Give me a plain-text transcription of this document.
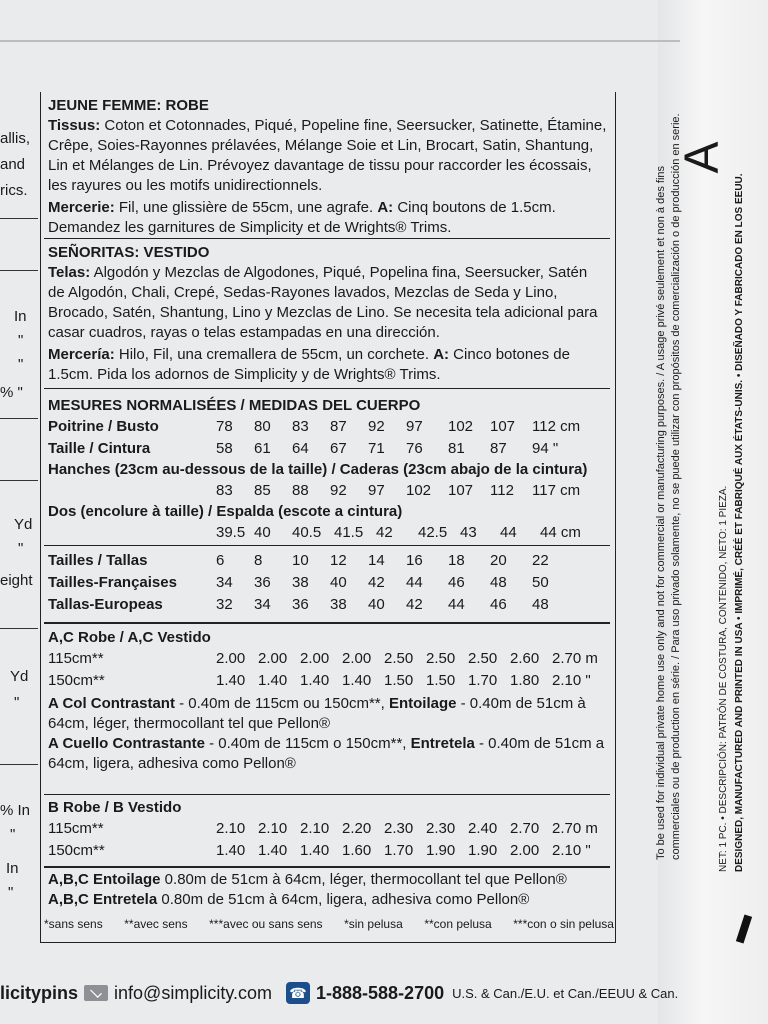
allis,
and
rics.
In
"
"
% "
Yd
"
eight
Yd
"
% In
"
In
"
JEUNE FEMME: ROBE
Tissus: Coton et Cotonnades, Piqué, Popeline fine, Seersucker, Satinette, Étamine, Crêpe, Soies-Rayonnes prélavées, Mélange Soie et Lin, Brocart, Satin, Shantung, Lin et Mélanges de Lin. Prévoyez davantage de tissu pour raccorder les écossais, les rayures ou les motifs unidirectionnels.
Mercerie: Fil, une glissière de 55cm, une agrafe. A: Cinq boutons de 1.5cm. Demandez les garnitures de Simplicity et de Wrights® Trims.
SEÑORITAS: VESTIDO
Telas: Algodón y Mezclas de Algodones, Piqué, Popelina fina, Seersucker, Satén de Algodón, Chali, Crepé, Sedas-Rayones lavados, Mezclas de Seda y Lino, Brocado, Satén, Shantung, Lino y Mezclas de Lino. Se necesita tela adicional para casar cuadros, rayas o telas estampadas en una dirección.
Mercería: Hilo, Fil, una cremallera de 55cm, un corchete. A: Cinco botones de 1.5cm. Pida los adornos de Simplicity y de Wrights® Trims.
MESURES NORMALISÉES / MEDIDAS DEL CUERPO
Poitrine / Busto	78	80	83	87	92	97	102	107	112 cm
Taille / Cintura	58	61	64	67	71	76	81	87	94 "
Hanches (23cm au-dessous de la taille) / Caderas (23cm abajo de la cintura)
	83	85	88	92	97	102	107	112	117 cm
Dos (encolure à taille) / Espalda (escote a cintura)
	39.5	40	40.5	41.5	42	42.5	43	44	44 cm
Tailles / Tallas	6	8	10	12	14	16	18	20	22
Tailles-Françaises	34	36	38	40	42	44	46	48	50
Tallas-Europeas	32	34	36	38	40	42	44	46	48
A,C Robe / A,C Vestido
115cm**	2.00	2.00	2.00	2.00	2.50	2.50	2.50	2.60	2.70 m
150cm**	1.40	1.40	1.40	1.40	1.50	1.50	1.70	1.80	2.10 "
A Col Contrastant - 0.40m de 115cm ou 150cm**, Entoilage - 0.40m de 51cm à 64cm, léger, thermocollant tel que Pellon®
A Cuello Contrastante - 0.40m de 115cm o 150cm**, Entretela - 0.40m de 51cm a 64cm, ligera, adhesiva como Pellon®
B Robe / B Vestido
115cm**	2.10	2.10	2.10	2.20	2.30	2.30	2.40	2.70	2.70 m
150cm**	1.40	1.40	1.40	1.60	1.70	1.90	1.90	2.00	2.10 "
A,B,C Entoilage 0.80m de 51cm à 64cm, léger, thermocollant tel que Pellon®
A,B,C Entretela 0.80m de 51cm à 64cm, ligera, adhesiva como Pellon®
*sans sens **avec sens ***avec ou sans sens *sin pelusa **con pelusa ***con o sin pelusa
licitypins info@simplicity.com ☎ 1-888-588-2700 U.S. & Can./E.U. et Can./EEUU & Can.
A
To be used for individual private home use only and not for commercial or manufacturing purposes. / A usage privé seulement et non à des fins commerciales ou de production en série. / Para uso privado solamente, no se puede utilizar con propósitos de comercialización o de producción en serie.	NET: 1 PC. • DESCRIPCIÓN: PATRÓN DE COSTURA, CONTENIDO, NETO: 1 PIEZA. DESIGNED, MANUFACTURED AND PRINTED IN USA • IMPRIMÉ, CRÉÉ ET FABRIQUÉ AUX ÉTATS-UNIS. • DISEÑADO Y FABRICADO EN LOS EEUU.
